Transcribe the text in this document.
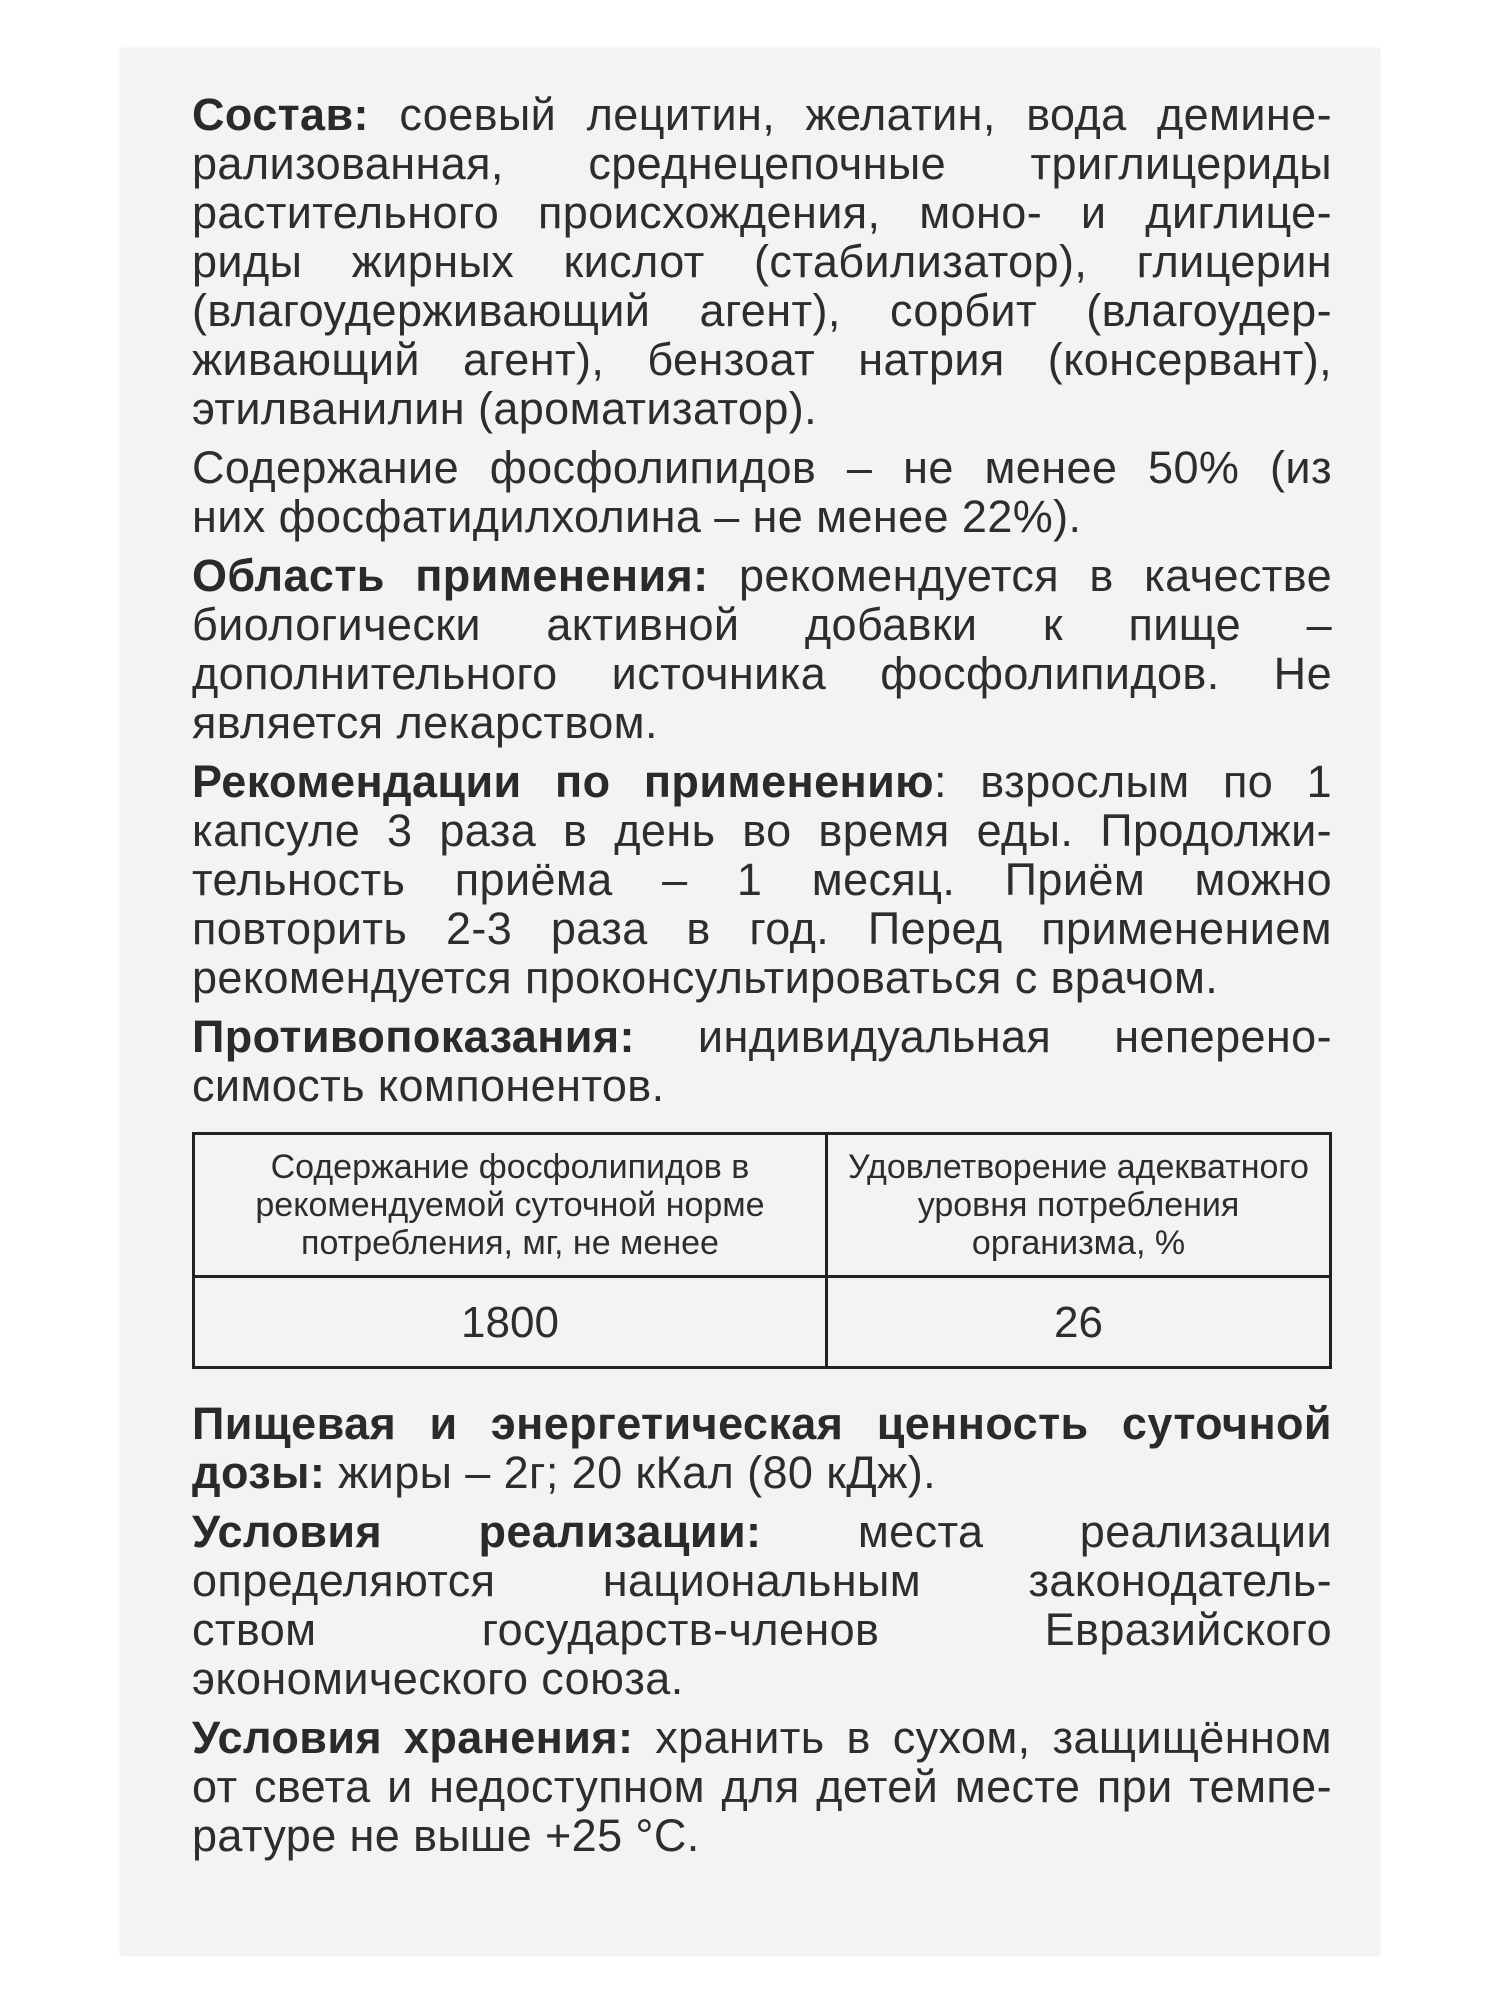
Состав: соевый лецитин, желатин, вода демине-
рализованная, среднецепочные триглицериды
растительного происхождения, моно- и диглице-
риды жирных кислот (стабилизатор), глицерин
(влагоудерживающий агент), сорбит (влагоудер-
живающий агент), бензоат натрия (консервант),
этилванилин (ароматизатор).
Содержание фосфолипидов – не менее 50% (из
них фосфатидилхолина – не менее 22%).
Область применения: рекомендуется в качестве
биологически активной добавки к пище –
дополнительного источника фосфолипидов. Не
является лекарством.
Рекомендации по применению: взрослым по 1
капсуле 3 раза в день во время еды. Продолжи-
тельность приёма – 1 месяц. Приём можно
повторить 2-3 раза в год. Перед применением
рекомендуется проконсультироваться с врачом.
Противопоказания: индивидуальная неперено-
симость компонентов.
Содержание фосфолипидов в рекомендуемой суточной норме потребления, мг, не менее	Удовлетворение адекватного уровня потребления организма, %
1800	26
Пищевая и энергетическая ценность суточной
дозы: жиры – 2г; 20 кКал (80 кДж).
Условия реализации: места реализации
определяются национальным законодатель-
ством государств-членов Евразийского
экономического союза.
Условия хранения: хранить в сухом, защищённом
от света и недоступном для детей месте при темпе-
ратуре не выше +25 °С.
